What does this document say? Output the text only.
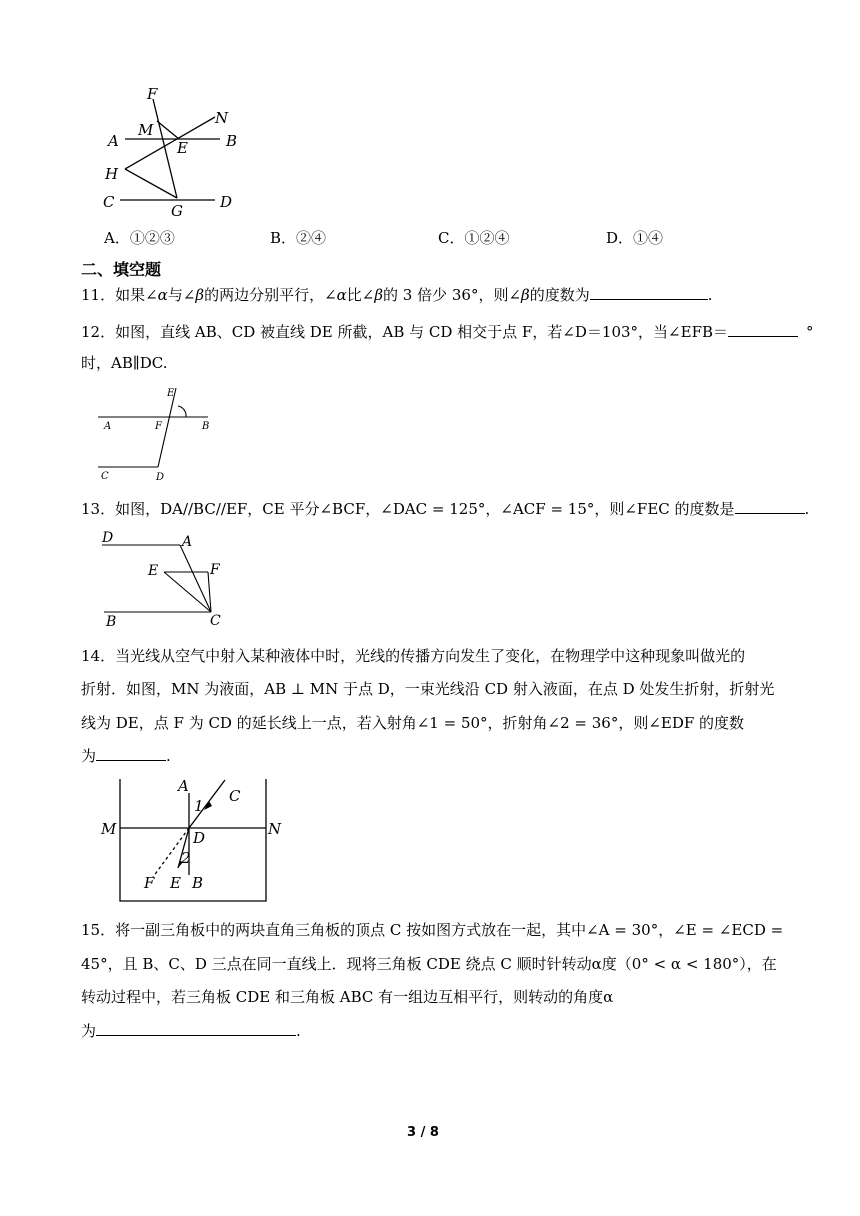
F
M
N
A	E	B
H
C	G D
A．①②③	B．②④	C．①②④	D．①④
二、填空题
11．如果∠α与∠β的两边分别平行，∠α比∠β的 3 倍少 36°，则∠β的度数为	.
12．如图，直线 AB、CD 被直线 DE 所截，AB 与 CD 相交于点 F，若∠D＝103°，当∠EFB＝	°
时，AB∥DC.
E
A	F	B
C	D
13．如图，DA//BC//EF，CE 平分∠BCF，∠DAC = 125°，∠ACF = 15°，则∠FEC 的度数是	.
D	A
E	F
B	C
14．当光线从空气中射入某种液体中时，光线的传播方向发生了变化，在物理学中这种现象叫做光的
折射．如图，MN 为液面，AB ⊥ MN 于点 D，一束光线沿 CD 射入液面，在点 D 处发生折射，折射光
线为 DE，点 F 为 CD 的延长线上一点，若入射角∠1 = 50°，折射角∠2 = 36°，则∠EDF 的度数
为	.
A
C
1
M	D	N
2
F E B
15．将一副三角板中的两块直角三角板的顶点 C 按如图方式放在一起，其中∠A = 30°，∠E = ∠ECD =
45°，且 B、C、D 三点在同一直线上．现将三角板 CDE 绕点 C 顺时针转动α度（0° < α < 180°），在
转动过程中，若三角板 CDE 和三角板 ABC 有一组边互相平行，则转动的角度α
为	.
3 / 8
